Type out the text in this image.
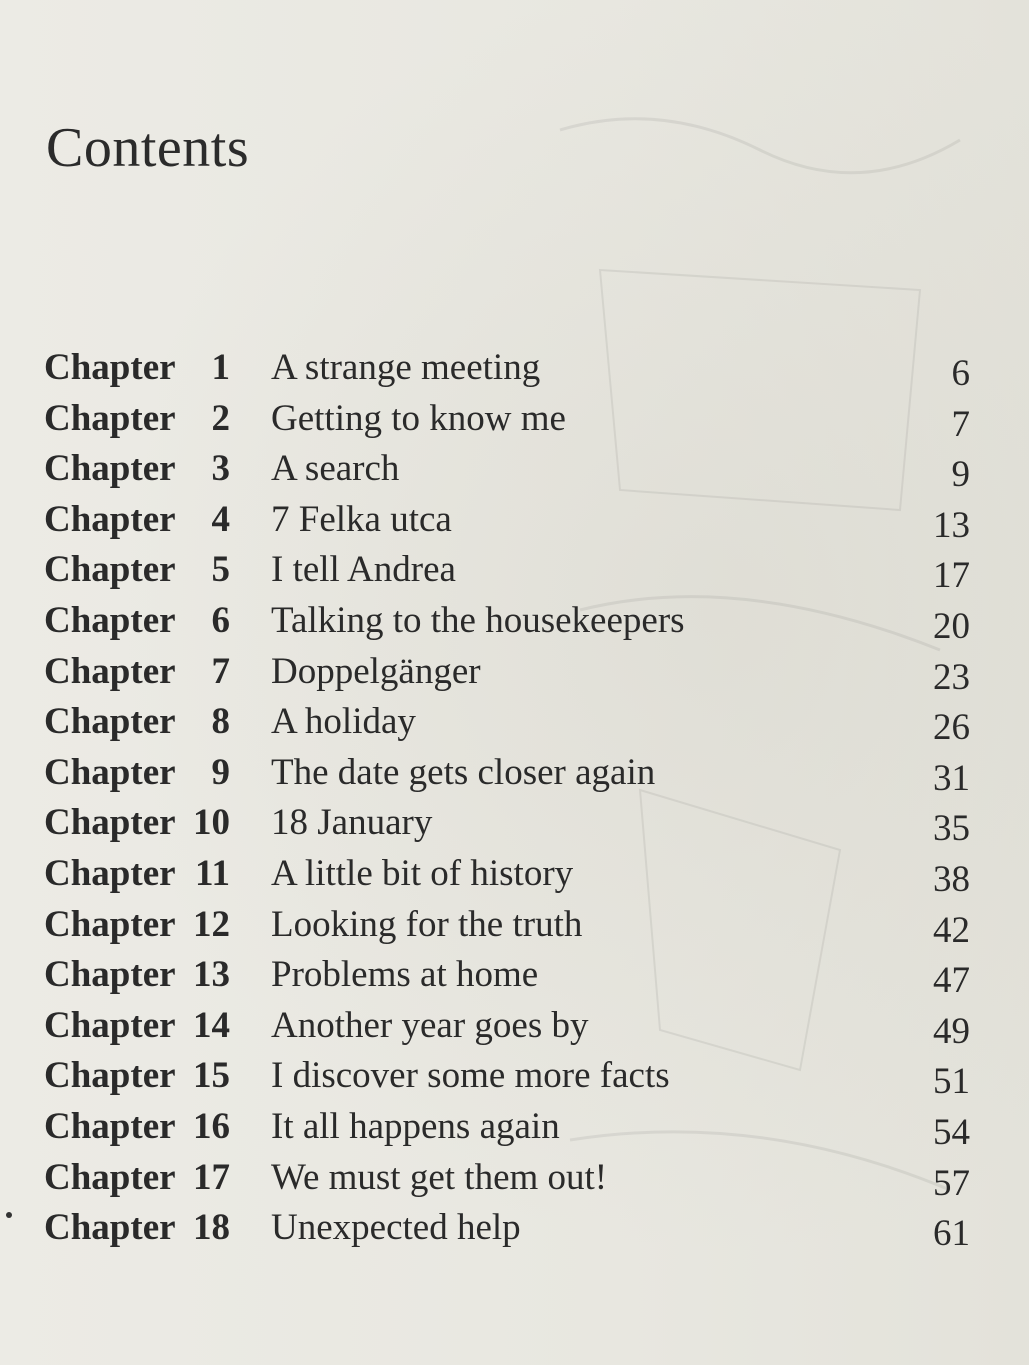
Contents
Chapter 1 A strange meeting	6
Chapter 2 Getting to know me	7
Chapter 3 A search	9
Chapter 4 7 Felka utca	13
Chapter 5 I tell Andrea	17
Chapter 6 Talking to the housekeepers	20
Chapter 7 Doppelgänger	23
Chapter 8 A holiday	26
Chapter 9 The date gets closer again	31
Chapter 10 18 January	35
Chapter 11 A little bit of history	38
Chapter 12 Looking for the truth	42
Chapter 13 Problems at home	47
Chapter 14 Another year goes by	49
Chapter 15 I discover some more facts	51
Chapter 16 It all happens again	54
Chapter 17 We must get them out!	57
Chapter 18 Unexpected help	61
